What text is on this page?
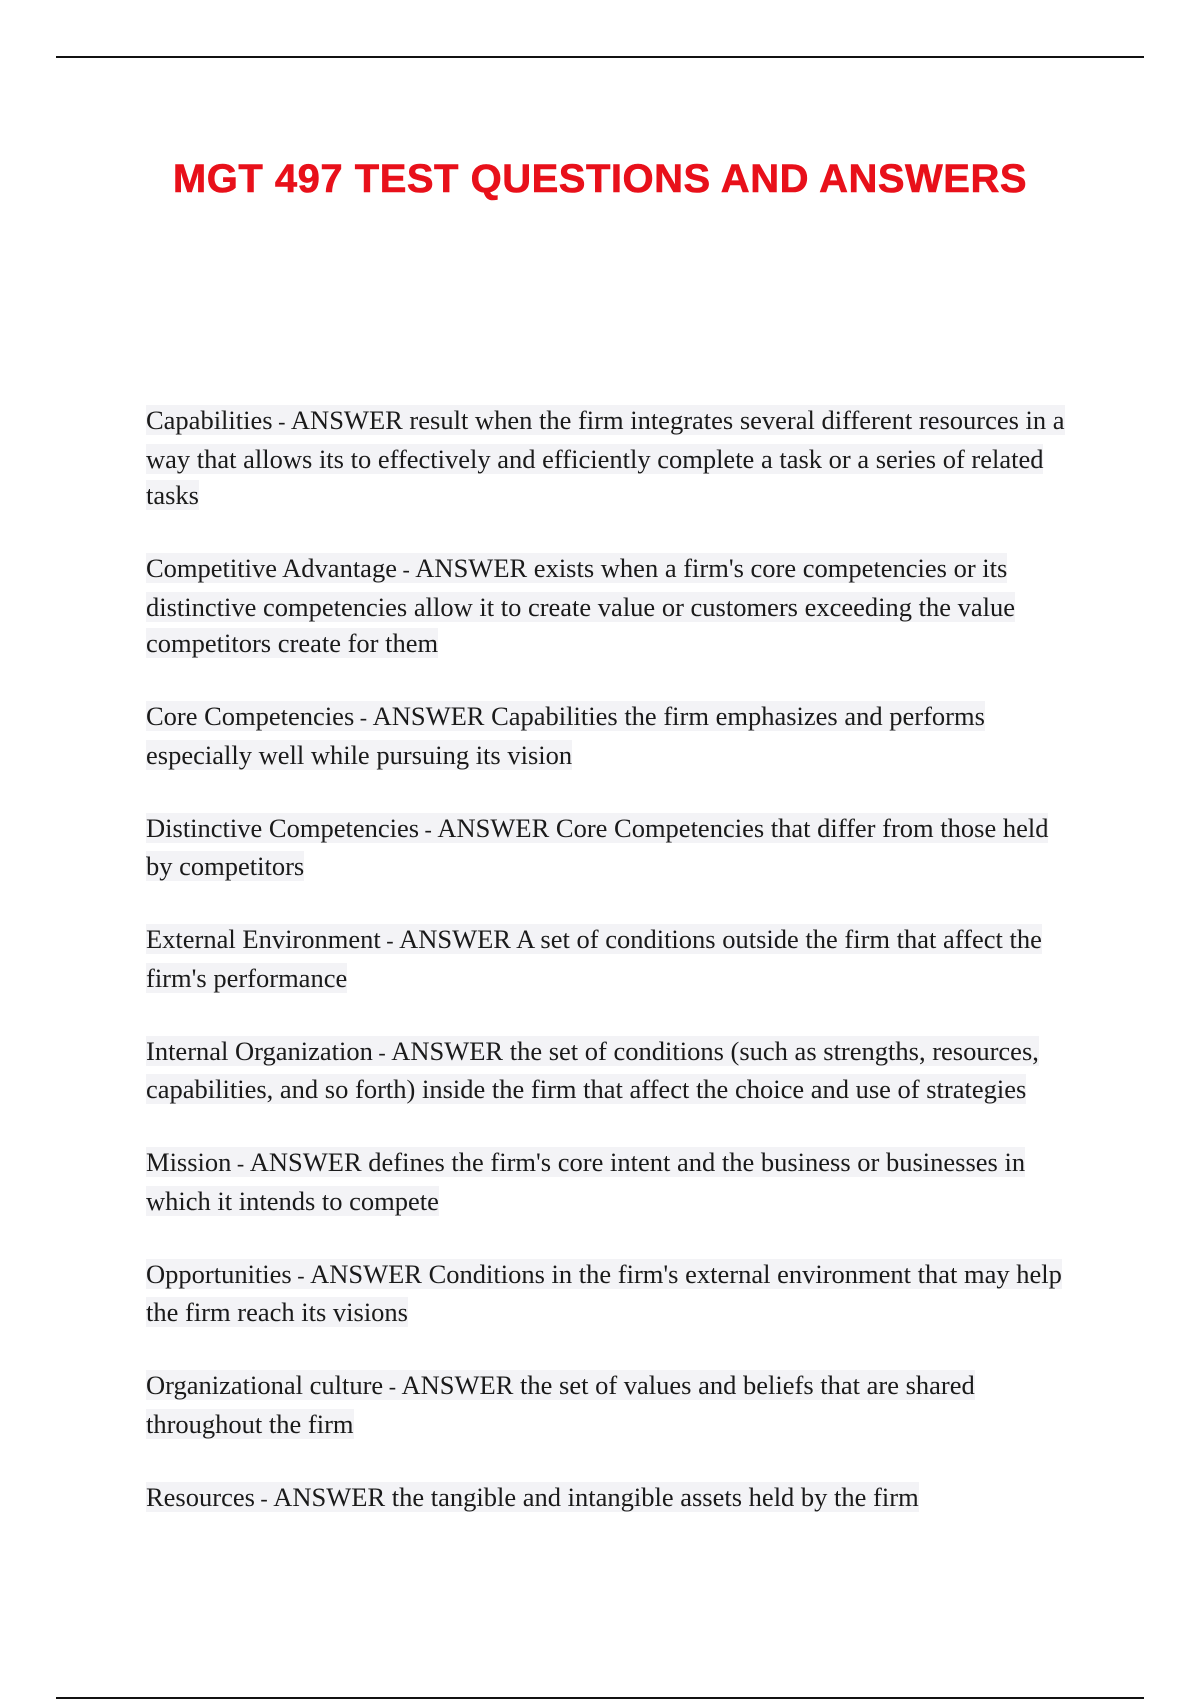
MGT 497 TEST QUESTIONS AND ANSWERS

Capabilities - ANSWER result when the firm integrates several different resources in a way that allows its to effectively and efficiently complete a task or a series of related tasks

Competitive Advantage - ANSWER exists when a firm's core competencies or its distinctive competencies allow it to create value or customers exceeding the value competitors create for them

Core Competencies - ANSWER Capabilities the firm emphasizes and performs especially well while pursuing its vision

Distinctive Competencies - ANSWER Core Competencies that differ from those held by competitors

External Environment - ANSWER A set of conditions outside the firm that affect the firm's performance

Internal Organization - ANSWER the set of conditions (such as strengths, resources, capabilities, and so forth) inside the firm that affect the choice and use of strategies

Mission - ANSWER defines the firm's core intent and the business or businesses in which it intends to compete

Opportunities - ANSWER Conditions in the firm's external environment that may help the firm reach its visions

Organizational culture - ANSWER the set of values and beliefs that are shared throughout the firm

Resources - ANSWER the tangible and intangible assets held by the firm
